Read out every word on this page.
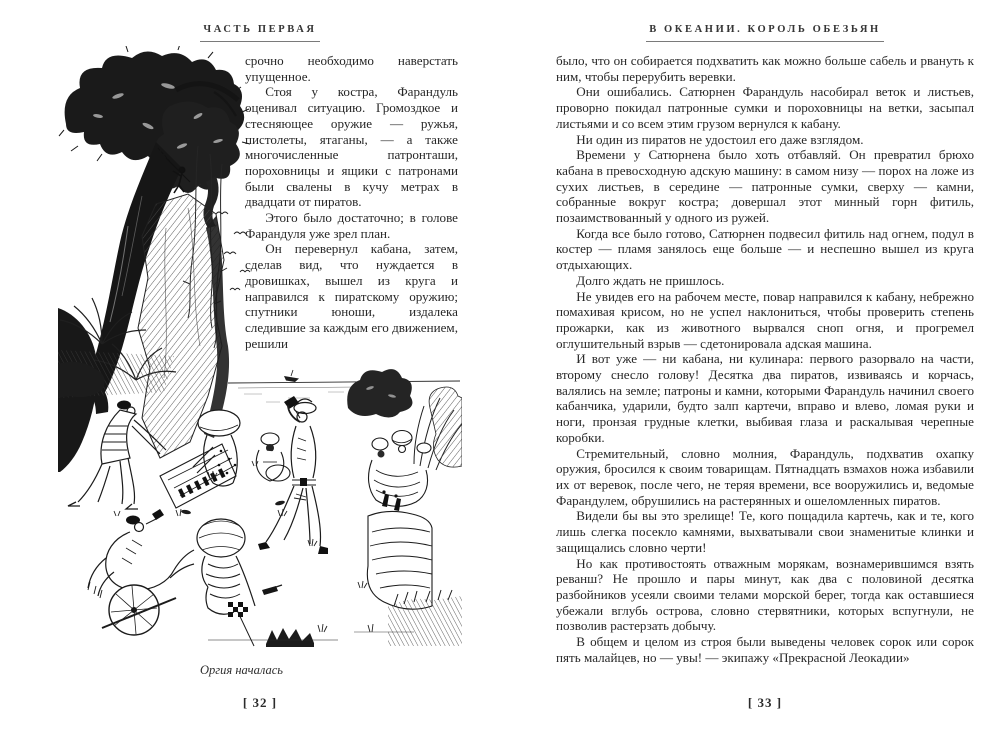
ЧАСТЬ ПЕРВАЯ

срочно необходимо наверстать упущенное.

Стоя у костра, Фарандуль оценивал ситуацию. Громоздкое и стесняющее оружие — ружья, пистолеты, ятаганы, — а также многочисленные патронташи, пороховницы и ящики с патронами были свалены в кучу метрах в двадцати от пиратов.

Этого было достаточно; в голове Фарандуля уже зрел план.

Он перевернул кабана, затем, сделав вид, что нуждается в дровишках, вышел из круга и направился к пиратскому оружию; спутники юноши, издалека следившие за каждым его движением, решили

Оргия началась
[ 32 ]
В ОКЕАНИИ. КОРОЛЬ ОБЕЗЬЯН

было, что он собирается подхватить как можно больше сабель и рвануть к ним, чтобы перерубить веревки.

Они ошибались. Сатюрнен Фарандуль насобирал веток и листьев, проворно покидал патронные сумки и пороховницы на ветки, засыпал листьями и со всем этим грузом вернулся к кабану.

Ни один из пиратов не удостоил его даже взглядом.

Времени у Сатюрнена было хоть отбавляй. Он превратил брюхо кабана в превосходную адскую машину: в самом низу — порох на ложе из сухих листьев, в середине — патронные сумки, сверху — камни, собранные вокруг костра; довершал этот минный горн фитиль, позаимствованный у одного из ружей.

Когда все было готово, Сатюрнен подвесил фитиль над огнем, подул в костер — пламя занялось еще больше — и неспешно вышел из круга отдыхающих.

Долго ждать не пришлось.

Не увидев его на рабочем месте, повар направился к кабану, небрежно помахивая крисом, но не успел наклониться, чтобы проверить степень прожарки, как из животного вырвался сноп огня, и прогремел оглушительный взрыв — сдетонировала адская машина.

И вот уже — ни кабана, ни кулинара: первого разорвало на части, второму снесло голову! Десятка два пиратов, извиваясь и корчась, валялись на земле; патроны и камни, которыми Фарандуль начинил своего кабанчика, ударили, будто залп картечи, вправо и влево, ломая руки и ноги, пронзая грудные клетки, выбивая глаза и раскалывая черепные коробки.

Стремительный, словно молния, Фарандуль, подхватив охапку оружия, бросился к своим товарищам. Пятнадцать взмахов ножа избавили их от веревок, после чего, не теряя времени, все вооружились и, ведомые Фарандулем, обрушились на растерянных и ошеломленных пиратов.

Видели бы вы это зрелище! Те, кого пощадила картечь, как и те, кого лишь слегка посекло камнями, выхватывали свои знаменитые клинки и защищались словно черти!

Но как противостоять отважным морякам, вознамерившимся взять реванш? Не прошло и пары минут, как два с половиной десятка разбойников усеяли своими телами морской берег, тогда как оставшиеся убежали вглубь острова, словно стервятники, которых вспугнули, не позволив растерзать добычу.

В общем и целом из строя были выведены человек сорок или сорок пять малайцев, но — увы! — экипажу «Прекрасной Леокадии»

[ 33 ]
